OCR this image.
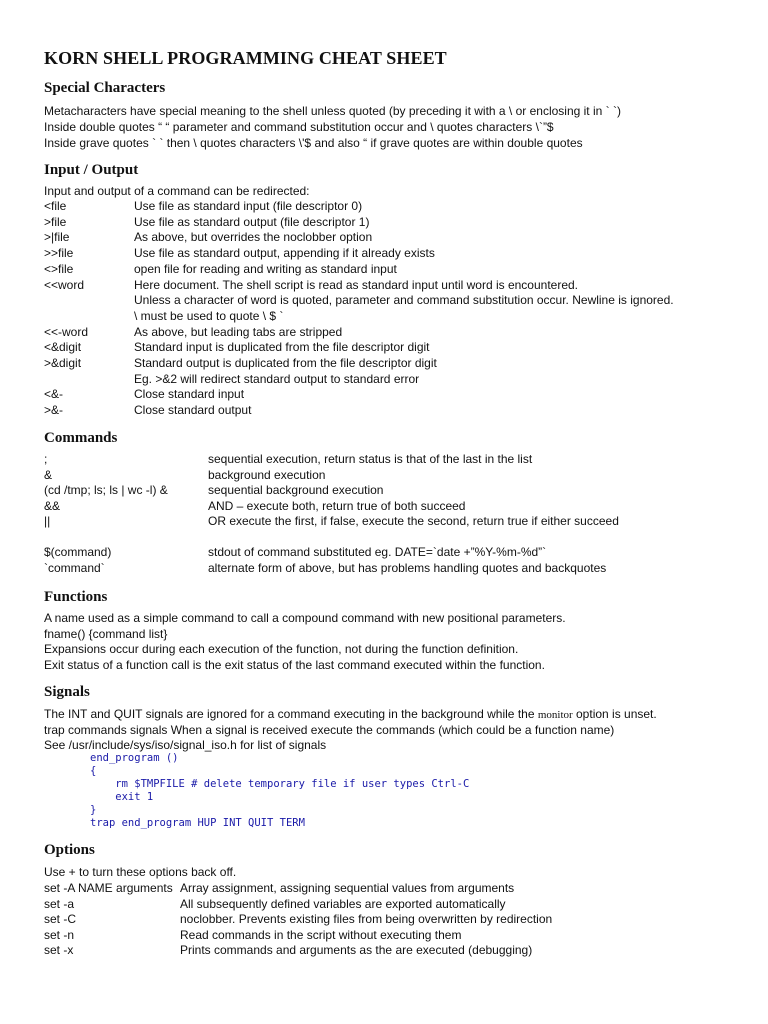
KORN SHELL PROGRAMMING CHEAT SHEET
Special Characters
Metacharacters have special meaning to the shell unless quoted (by preceding it with a \ or enclosing it in ` `)
Inside double quotes “ “ parameter and command substitution occur and \ quotes characters \`”$
Inside grave quotes ` ` then \ quotes characters \'$ and also “ if grave quotes are within double quotes
Input / Output
Input and output of a command can be redirected:
<file	Use file as standard input (file descriptor 0)
>file	Use file as standard output (file descriptor 1)
>|file	As above, but overrides the noclobber option
>>file	Use file as standard output, appending if it already exists
<>file	open file for reading and writing as standard input
<<word	Here document. The shell script is read as standard input until word is encountered.
Unless a character of word is quoted, parameter and command substitution occur. Newline is ignored.
\ must be used to quote \ $ `
<<-word	As above, but leading tabs are stripped
<&digit	Standard input is duplicated from the file descriptor digit
>&digit	Standard output is duplicated from the file descriptor digit
Eg. >&2 will redirect standard output to standard error
<&-	Close standard input
>&-	Close standard output
Commands
;	sequential execution, return status is that of the last in the list
&	background execution
(cd /tmp; ls; ls | wc -l) &	sequential background execution
&&	AND – execute both, return true of both succeed
||	OR execute the first, if false, execute the second, return true if either succeed
$(command)	stdout of command substituted eg. DATE=`date +”%Y-%m-%d”`
`command`	alternate form of above, but has problems handling quotes and backquotes
Functions
A name used as a simple command to call a compound command with new positional parameters.
fname() {command list}
Expansions occur during each execution of the function, not during the function definition.
Exit status of a function call is the exit status of the last command executed within the function.
Signals
The INT and QUIT signals are ignored for a command executing in the background while the monitor option is unset.
trap commands signals When a signal is received execute the commands (which could be a function name)
See /usr/include/sys/iso/signal_iso.h for list of signals
end_program ()
{
rm $TMPFILE # delete temporary file if user types Ctrl-C
exit 1
}
trap end_program HUP INT QUIT TERM
Options
Use + to turn these options back off.
set -A NAME arguments Array assignment, assigning sequential values from arguments
set -a	All subsequently defined variables are exported automatically
set -C	noclobber. Prevents existing files from being overwritten by redirection
set -n	Read commands in the script without executing them
set -x	Prints commands and arguments as the are executed (debugging)
